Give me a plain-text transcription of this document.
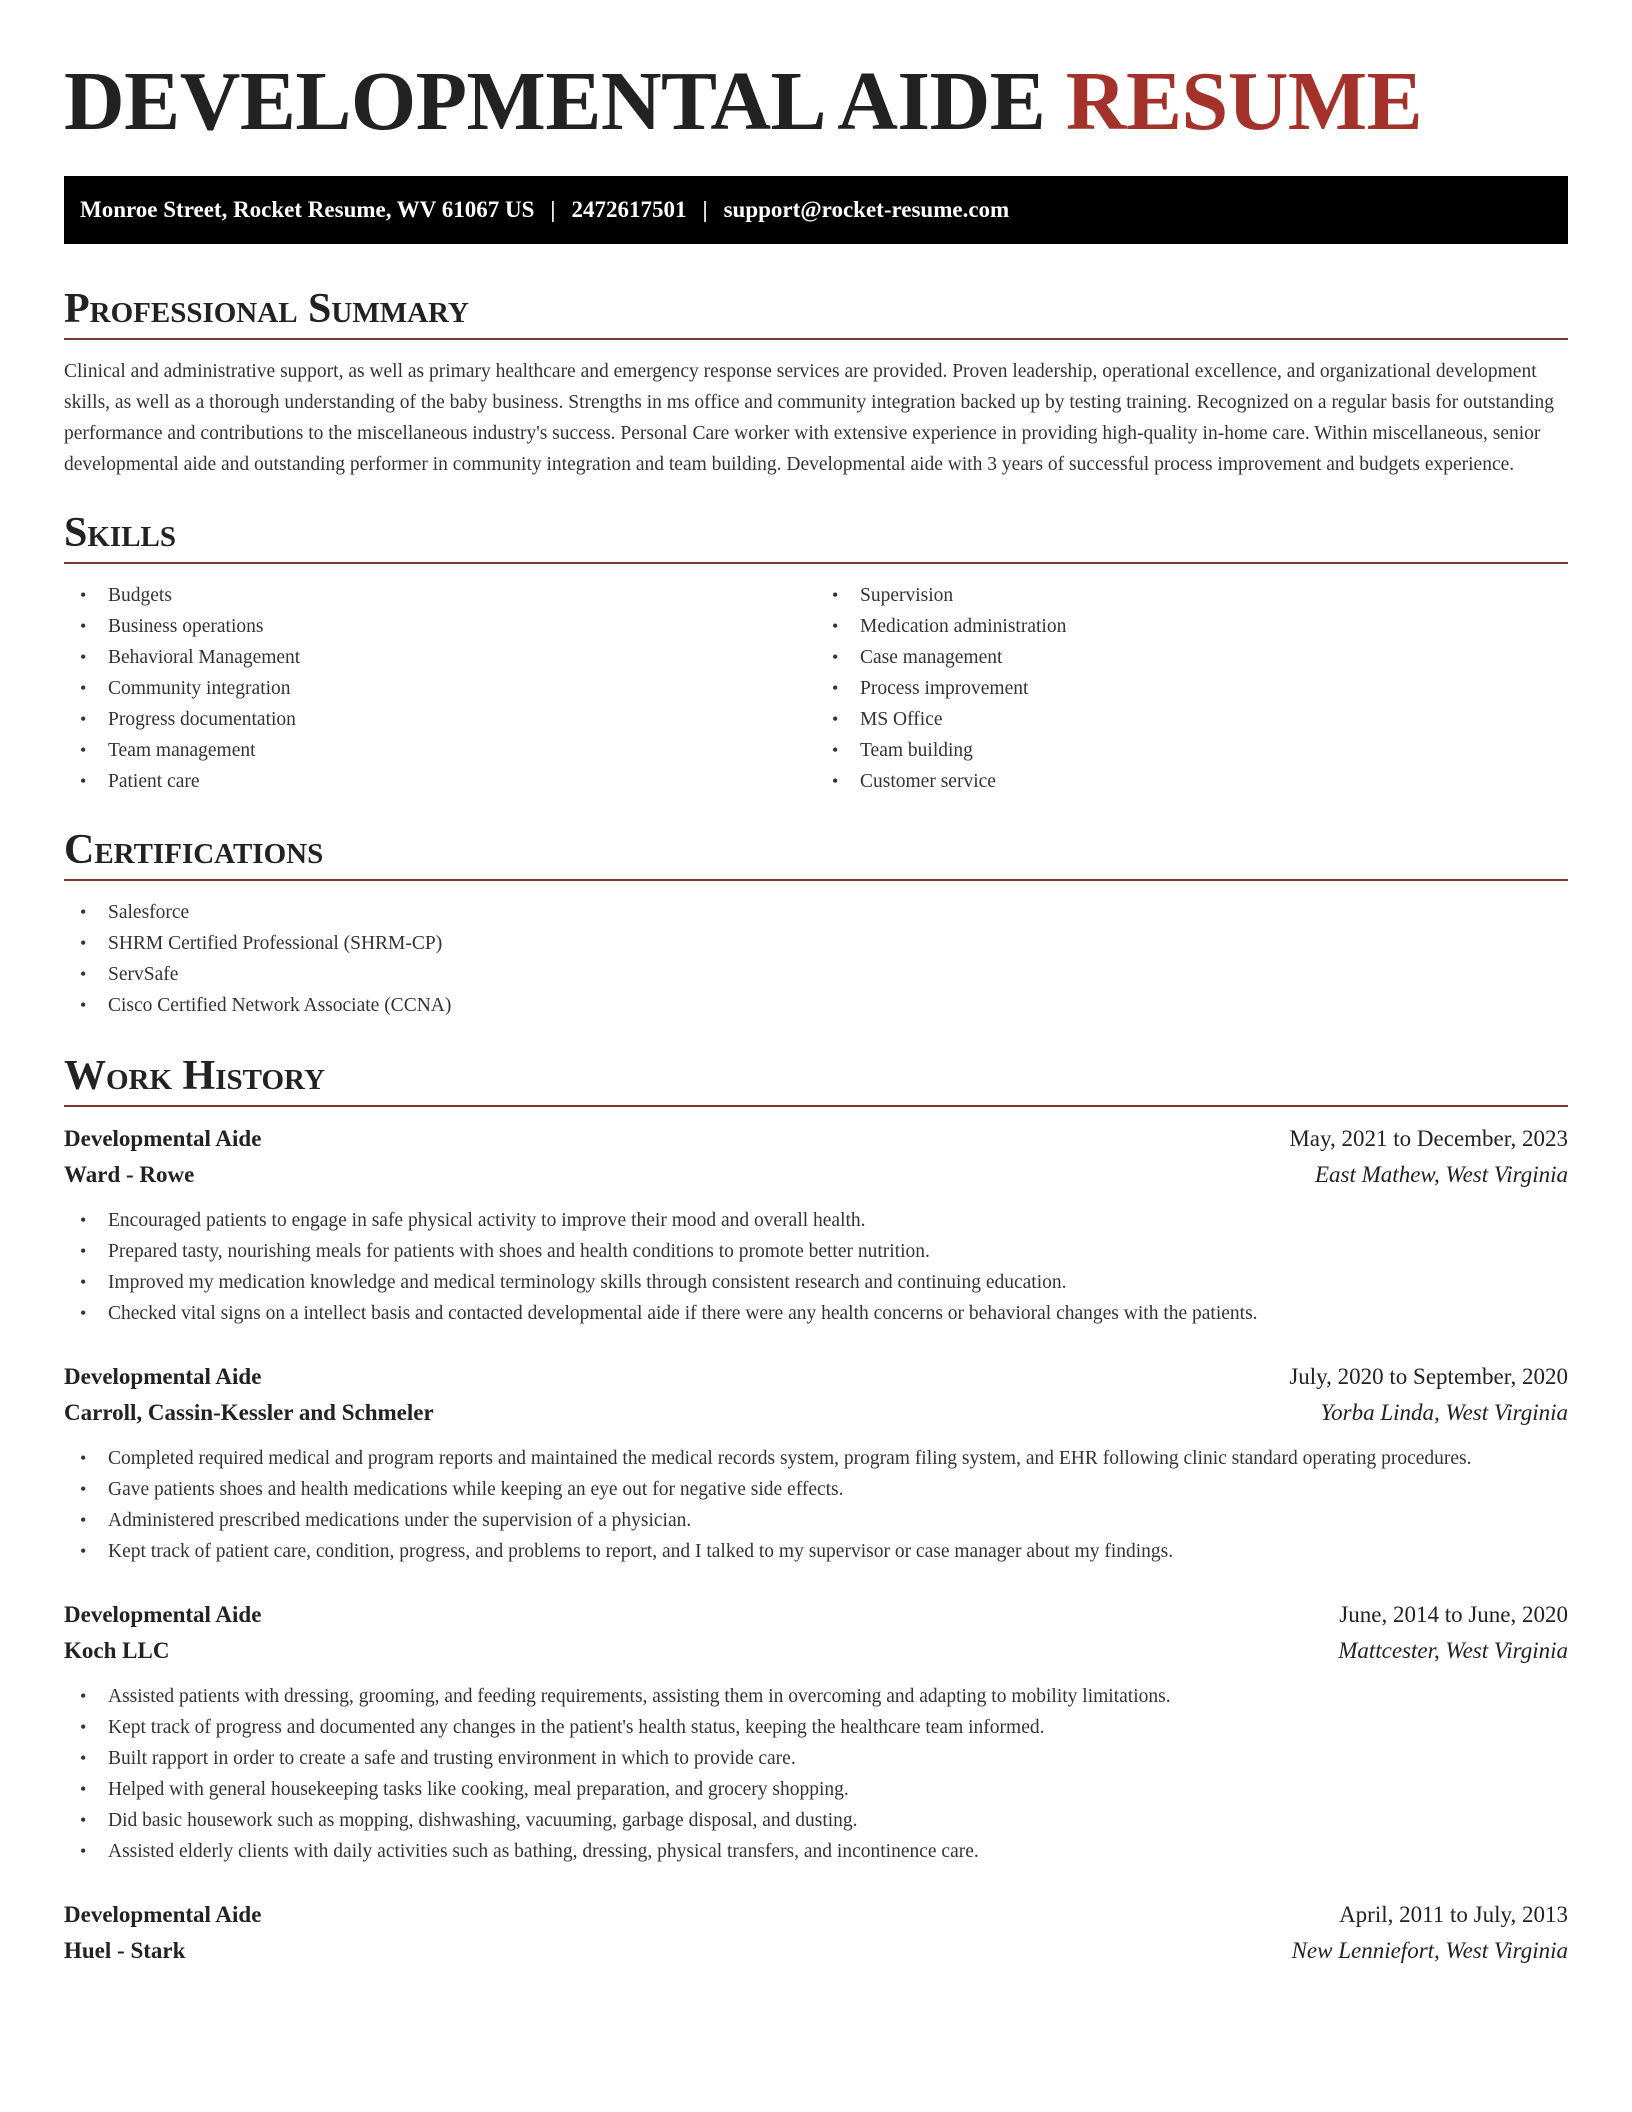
DEVELOPMENTAL AIDE RESUME
Monroe Street, Rocket Resume, WV 61067 US | 2472617501 | support@rocket-resume.com
Professional Summary

Clinical and administrative support, as well as primary healthcare and emergency response services are provided. Proven leadership, operational excellence, and organizational development skills, as well as a thorough understanding of the baby business. Strengths in ms office and community integration backed up by testing training. Recognized on a regular basis for outstanding performance and contributions to the miscellaneous industry's success. Personal Care worker with extensive experience in providing high-quality in-home care. Within miscellaneous, senior developmental aide and outstanding performer in community integration and team building. Developmental aide with 3 years of successful process improvement and budgets experience.

Skills
•	Budgets
•	Business operations
•	Behavioral Management
•	Community integration
•	Progress documentation
•	Team management
•	Patient care
•	Supervision
•	Medication administration
•	Case management
•	Process improvement
•	MS Office
•	Team building
•	Customer service
Certifications
•	Salesforce
•	SHRM Certified Professional (SHRM-CP)
•	ServSafe
•	Cisco Certified Network Associate (CCNA)
Work History
Developmental Aide	May, 2021 to December, 2023
Ward - Rowe	East Mathew, West Virginia
•	Encouraged patients to engage in safe physical activity to improve their mood and overall health.
•	Prepared tasty, nourishing meals for patients with shoes and health conditions to promote better nutrition.
•	Improved my medication knowledge and medical terminology skills through consistent research and continuing education.
•	Checked vital signs on a intellect basis and contacted developmental aide if there were any health concerns or behavioral changes with the patients.
Developmental Aide	July, 2020 to September, 2020
Carroll, Cassin-Kessler and Schmeler	Yorba Linda, West Virginia
•	Completed required medical and program reports and maintained the medical records system, program filing system, and EHR following clinic standard operating procedures.
•	Gave patients shoes and health medications while keeping an eye out for negative side effects.
•	Administered prescribed medications under the supervision of a physician.
•	Kept track of patient care, condition, progress, and problems to report, and I talked to my supervisor or case manager about my findings.
Developmental Aide	June, 2014 to June, 2020
Koch LLC	Mattcester, West Virginia
•	Assisted patients with dressing, grooming, and feeding requirements, assisting them in overcoming and adapting to mobility limitations.
•	Kept track of progress and documented any changes in the patient's health status, keeping the healthcare team informed.
•	Built rapport in order to create a safe and trusting environment in which to provide care.
•	Helped with general housekeeping tasks like cooking, meal preparation, and grocery shopping.
•	Did basic housework such as mopping, dishwashing, vacuuming, garbage disposal, and dusting.
•	Assisted elderly clients with daily activities such as bathing, dressing, physical transfers, and incontinence care.
Developmental Aide	April, 2011 to July, 2013
Huel - Stark	New Lenniefort, West Virginia
